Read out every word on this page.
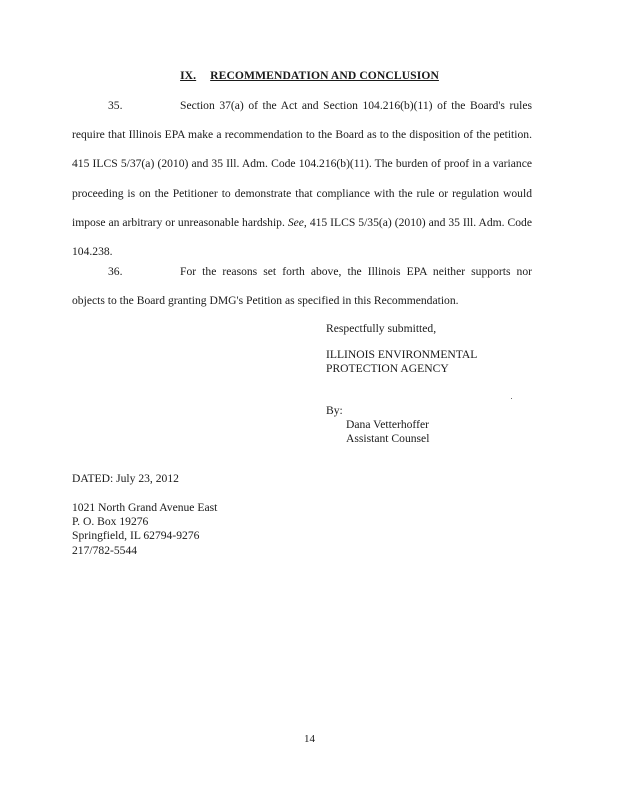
IX. RECOMMENDATION AND CONCLUSION

35.	Section 37(a) of the Act and Section 104.216(b)(11) of the Board's rules require that Illinois EPA make a recommendation to the Board as to the disposition of the petition. 415 ILCS 5/37(a) (2010) and 35 Ill. Adm. Code 104.216(b)(11). The burden of proof in a variance proceeding is on the Petitioner to demonstrate that compliance with the rule or regulation would impose an arbitrary or unreasonable hardship. See, 415 ILCS 5/35(a) (2010) and 35 Ill. Adm. Code 104.238.

36.	For the reasons set forth above, the Illinois EPA neither supports nor objects to the Board granting DMG's Petition as specified in this Recommendation.

Respectfully submitted,

ILLINOIS ENVIRONMENTAL
PROTECTION AGENCY

By:

Dana Vetterhoffer

Assistant Counsel

DATED: July 23, 2012

1021 North Grand Avenue East
P. O. Box 19276
Springfield, IL 62794-9276
217/782-5544
14
